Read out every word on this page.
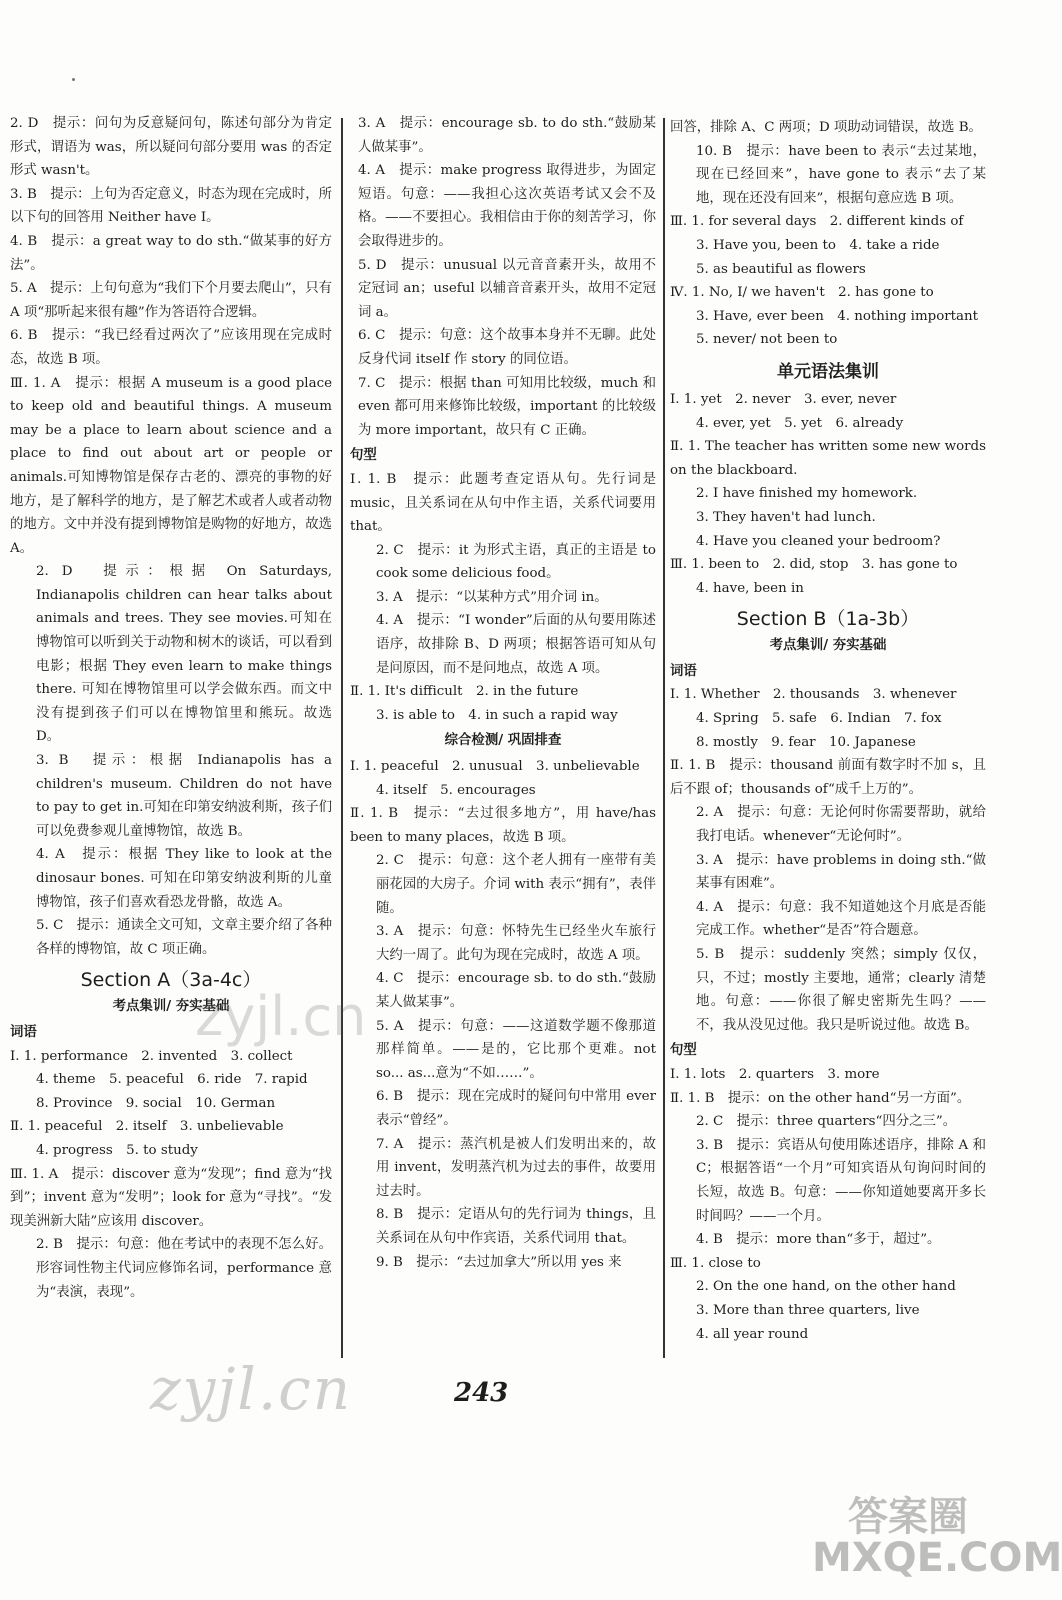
2. D　提示：问句为反意疑问句，陈述句部分为肯定形式，谓语为 was，所以疑问句部分要用 was 的否定形式 wasn't。

3. B　提示：上句为否定意义，时态为现在完成时，所以下句的回答用 Neither have I。

4. B　提示：a great way to do sth.“做某事的好方法”。

5. A　提示：上句句意为“我们下个月要去爬山”，只有 A 项“那听起来很有趣”作为答语符合逻辑。

6. B　提示：“我已经看过两次了”应该用现在完成时态，故选 B 项。

Ⅲ. 1. A　提示：根据 A museum is a good place to keep old and beautiful things. A museum may be a place to learn about science and a place to find out about art or people or animals.可知博物馆是保存古老的、漂亮的事物的好地方，是了解科学的地方，是了解艺术或者人或者动物的地方。文中并没有提到博物馆是购物的好地方，故选 A。

2. D　提示：根据 On Saturdays, Indianapolis children can hear talks about animals and trees. They see movies.可知在博物馆可以听到关于动物和树木的谈话，可以看到电影；根据 They even learn to make things there. 可知在博物馆里可以学会做东西。而文中没有提到孩子们可以在博物馆里和熊玩。故选 D。

3. B　提示：根据 Indianapolis has a children's museum. Children do not have to pay to get in.可知在印第安纳波利斯，孩子们可以免费参观儿童博物馆，故选 B。

4. A　提示：根据 They like to look at the dinosaur bones. 可知在印第安纳波利斯的儿童博物馆，孩子们喜欢看恐龙骨骼，故选 A。

5. C　提示：通读全文可知，文章主要介绍了各种各样的博物馆，故 C 项正确。

Section A（3a-4c）

考点集训/ 夯实基础

词语

Ⅰ. 1. performance　2. invented　3. collect

4. theme　5. peaceful　6. ride　7. rapid

8. Province　9. social　10. German

Ⅱ. 1. peaceful　2. itself　3. unbelievable

4. progress　5. to study

Ⅲ. 1. A　提示：discover 意为“发现”；find 意为“找到”；invent 意为“发明”；look for 意为“寻找”。“发现美洲新大陆”应该用 discover。

2. B　提示：句意：他在考试中的表现不怎么好。形容词性物主代词应修饰名词，performance 意为“表演，表现”。

3. A　提示：encourage sb. to do sth.“鼓励某人做某事”。

4. A　提示：make progress 取得进步，为固定短语。句意：——我担心这次英语考试又会不及格。——不要担心。我相信由于你的刻苦学习，你会取得进步的。

5. D　提示：unusual 以元音音素开头，故用不定冠词 an；useful 以辅音音素开头，故用不定冠词 a。

6. C　提示：句意：这个故事本身并不无聊。此处反身代词 itself 作 story 的同位语。

7. C　提示：根据 than 可知用比较级，much 和 even 都可用来修饰比较级，important 的比较级为 more important，故只有 C 正确。

句型

Ⅰ. 1. B　提示：此题考查定语从句。先行词是 music，且关系词在从句中作主语，关系代词要用 that。

2. C　提示：it 为形式主语，真正的主语是 to cook some delicious food。

3. A　提示：“以某种方式”用介词 in。

4. A　提示：“I wonder”后面的从句要用陈述语序，故排除 B、D 两项；根据答语可知从句是问原因，而不是问地点，故选 A 项。

Ⅱ. 1. It's difficult　2. in the future

3. is able to　4. in such a rapid way

综合检测/ 巩固排查

Ⅰ. 1. peaceful　2. unusual　3. unbelievable

4. itself　5. encourages

Ⅱ. 1. B　提示：“去过很多地方”，用 have/has been to many places，故选 B 项。

2. C　提示：句意：这个老人拥有一座带有美丽花园的大房子。介词 with 表示“拥有”，表伴随。

3. A　提示：句意：怀特先生已经坐火车旅行大约一周了。此句为现在完成时，故选 A 项。

4. C　提示：encourage sb. to do sth.“鼓励某人做某事”。

5. A　提示：句意：——这道数学题不像那道那样简单。——是的，它比那个更难。not so... as...意为“不如……”。

6. B　提示：现在完成时的疑问句中常用 ever 表示“曾经”。

7. A　提示：蒸汽机是被人们发明出来的，故用 invent，发明蒸汽机为过去的事件，故要用过去时。

8. B　提示：定语从句的先行词为 things，且关系词在从句中作宾语，关系代词用 that。

9. B　提示：“去过加拿大”所以用 yes 来

回答，排除 A、C 两项；D 项助动词错误，故选 B。

10. B　提示：have been to 表示“去过某地，现在已经回来”，have gone to 表示“去了某地，现在还没有回来”，根据句意应选 B 项。

Ⅲ. 1. for several days　2. different kinds of

3. Have you, been to　4. take a ride

5. as beautiful as flowers

Ⅳ. 1. No, I/ we haven't　2. has gone to

3. Have, ever been　4. nothing important

5. never/ not been to

单元语法集训

Ⅰ. 1. yet　2. never　3. ever, never

4. ever, yet　5. yet　6. already

Ⅱ. 1. The teacher has written some new words on the blackboard.

2. I have finished my homework.

3. They haven't had lunch.

4. Have you cleaned your bedroom?

Ⅲ. 1. been to　2. did, stop　3. has gone to

4. have, been in

Section B（1a-3b）

考点集训/ 夯实基础

词语

Ⅰ. 1. Whether　2. thousands　3. whenever

4. Spring　5. safe　6. Indian　7. fox

8. mostly　9. fear　10. Japanese

Ⅱ. 1. B　提示：thousand 前面有数字时不加 s，且后不跟 of；thousands of“成千上万的”。

2. A　提示：句意：无论何时你需要帮助，就给我打电话。whenever“无论何时”。

3. A　提示：have problems in doing sth.“做某事有困难”。

4. A　提示：句意：我不知道她这个月底是否能完成工作。whether“是否”符合题意。

5. B　提示：suddenly 突然；simply 仅仅，只，不过；mostly 主要地，通常；clearly 清楚地。句意：——你很了解史密斯先生吗？——不，我从没见过他。我只是听说过他。故选 B。

句型

Ⅰ. 1. lots　2. quarters　3. more

Ⅱ. 1. B　提示：on the other hand“另一方面”。

2. C　提示：three quarters“四分之三”。

3. B　提示：宾语从句使用陈述语序，排除 A 和 C；根据答语“一个月”可知宾语从句询问时间的长短，故选 B。句意：——你知道她要离开多长时间吗？——一个月。

4. B　提示：more than“多于，超过”。

Ⅲ. 1. close to

2. On the one hand, on the other hand

3. More than three quarters, live

4. all year round

zyjl.cn
zyjl.cn	243
答案圈
MXQE.COM
